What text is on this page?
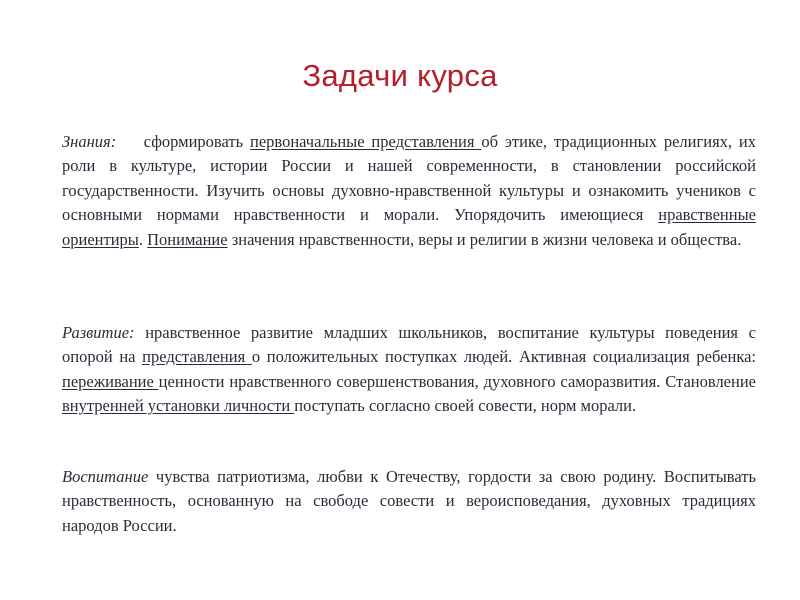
Задачи курса
Знания: сформировать первоначальные представления об этике, традиционных религиях, их роли в культуре, истории России и нашей современности, в становлении российской государственности. Изучить основы духовно-нравственной культуры и ознакомить учеников с основными нормами нравственности и морали. Упорядочить имеющиеся нравственные ориентиры. Понимание значения нравственности, веры и религии в жизни человека и общества.
Развитие: нравственное развитие младших школьников, воспитание культуры поведения с опорой на представления о положительных поступках людей. Активная социализация ребенка: переживание ценности нравственного совершенствования, духовного саморазвития. Становление внутренней установки личности поступать согласно своей совести, норм морали.
Воспитание чувства патриотизма, любви к Отечеству, гордости за свою родину. Воспитывать нравственность, основанную на свободе совести и вероисповедания, духовных традициях народов России.
